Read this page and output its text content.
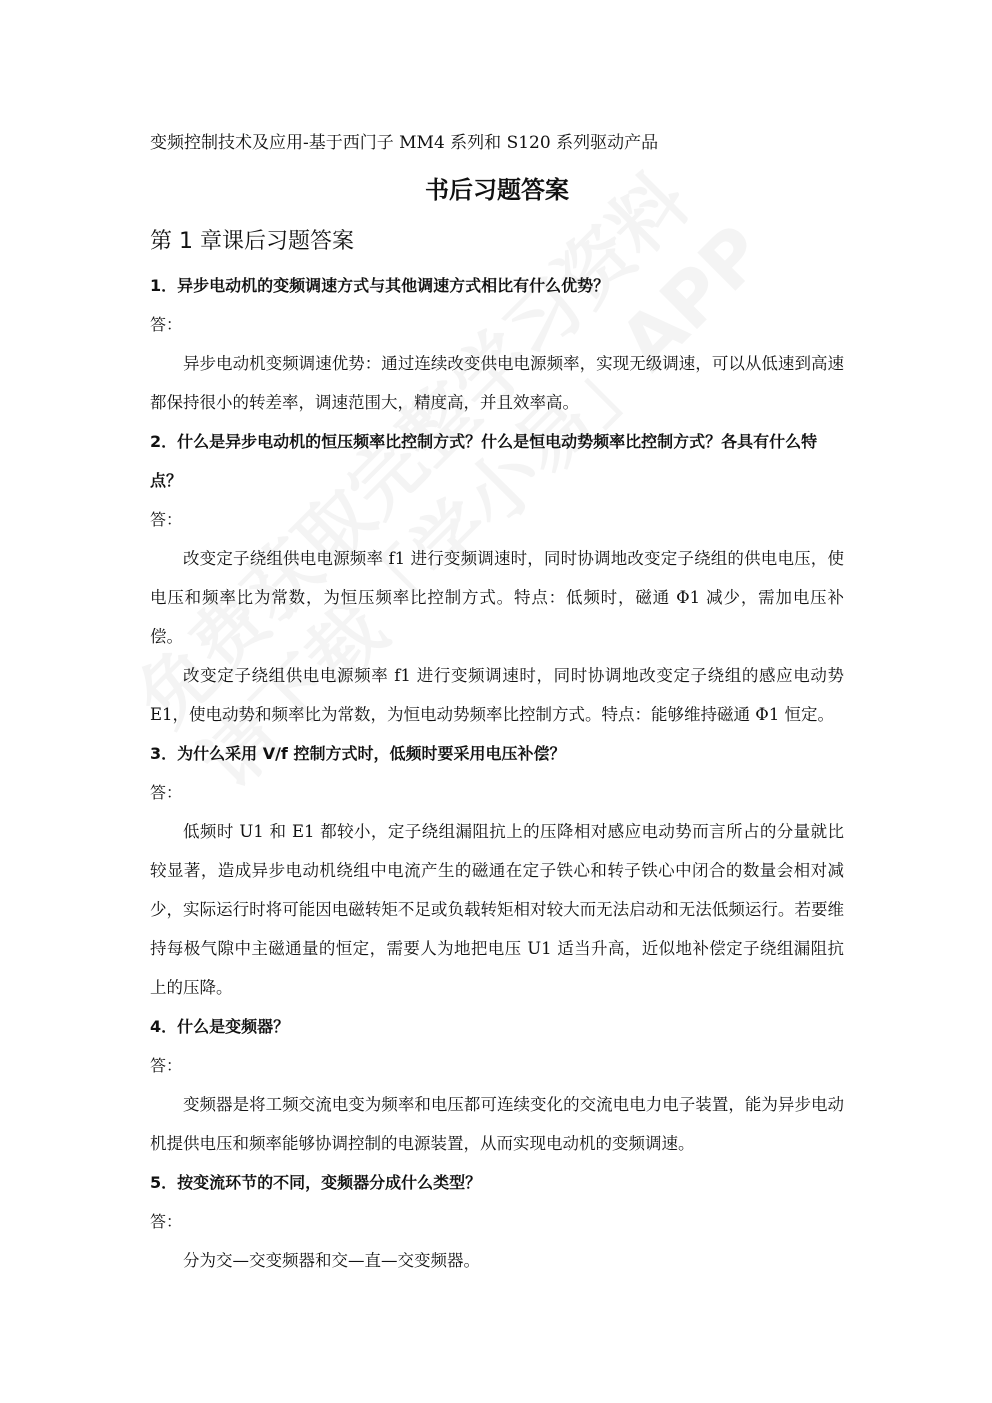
变频控制技术及应用-基于西门子 MM4 系列和 S120 系列驱动产品
书后习题答案
第 1 章课后习题答案

1．异步电动机的变频调速方式与其他调速方式相比有什么优势？

答：

异步电动机变频调速优势：通过连续改变供电电源频率，实现无级调速，可以从低速到高速都保持很小的转差率，调速范围大，精度高，并且效率高。

2．什么是异步电动机的恒压频率比控制方式？什么是恒电动势频率比控制方式？各具有什么特点？

答：

改变定子绕组供电电源频率 f1 进行变频调速时，同时协调地改变定子绕组的供电电压，使电压和频率比为常数，为恒压频率比控制方式。特点：低频时，磁通 Φ1 减少，需加电压补偿。

改变定子绕组供电电源频率 f1 进行变频调速时，同时协调地改变定子绕组的感应电动势 E1，使电动势和频率比为常数，为恒电动势频率比控制方式。特点：能够维持磁通 Φ1 恒定。

3．为什么采用 V/f 控制方式时，低频时要采用电压补偿？

答：

低频时 U1 和 E1 都较小，定子绕组漏阻抗上的压降相对感应电动势而言所占的分量就比较显著，造成异步电动机绕组中电流产生的磁通在定子铁心和转子铁心中闭合的数量会相对减少，实际运行时将可能因电磁转矩不足或负载转矩相对较大而无法启动和无法低频运行。若要维持每极气隙中主磁通量的恒定，需要人为地把电压 U1 适当升高，近似地补偿定子绕组漏阻抗上的压降。

4．什么是变频器？

答：

变频器是将工频交流电变为频率和电压都可连续变化的交流电电力电子装置，能为异步电动机提供电压和频率能够协调控制的电源装置，从而实现电动机的变频调速。

5．按变流环节的不同，变频器分成什么类型？

答：

分为交—交变频器和交—直—交变频器。
